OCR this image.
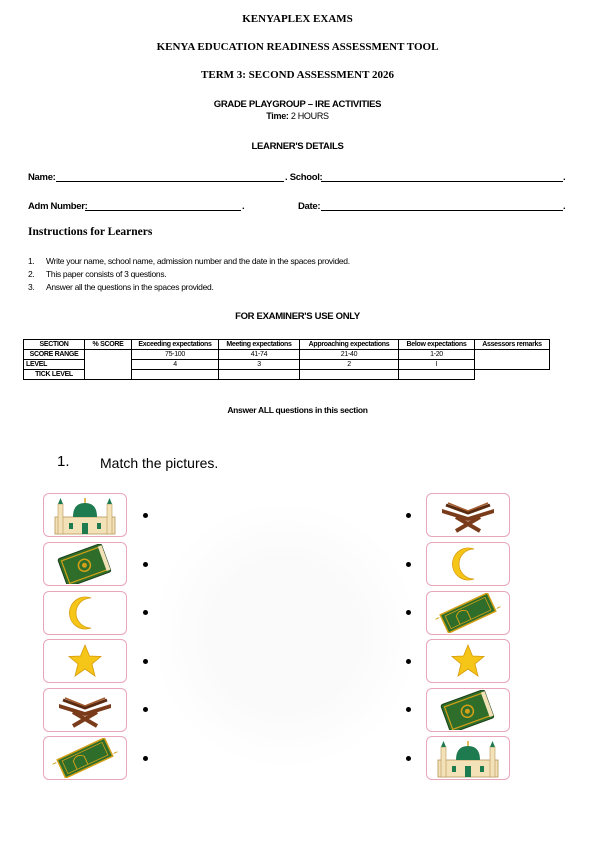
KENYAPLEX EXAMS
KENYA EDUCATION READINESS ASSESSMENT TOOL
TERM 3: SECOND ASSESSMENT 2026
GRADE PLAYGROUP – IRE ACTIVITIES
Time: 2 HOURS
LEARNER'S DETAILS
Name:	. School:	.
Adm Number:	.	Date:	.
Instructions for Learners
1. Write your name, school name, admission number and the date in the spaces provided.
2. This paper consists of 3 questions.
3. Answer all the questions in the spaces provided.
FOR EXAMINER'S USE ONLY
SECTION	% SCORE	Exceeding expectations	Meeting expectations	Approaching expectations	Below expectations	Assessors remarks
SCORE RANGE		75-100	41-74	21-40	1-20	
LEVEL		4	3	2	I	
TICK LEVEL						
Answer ALL questions in this section
1. Match the pictures.
